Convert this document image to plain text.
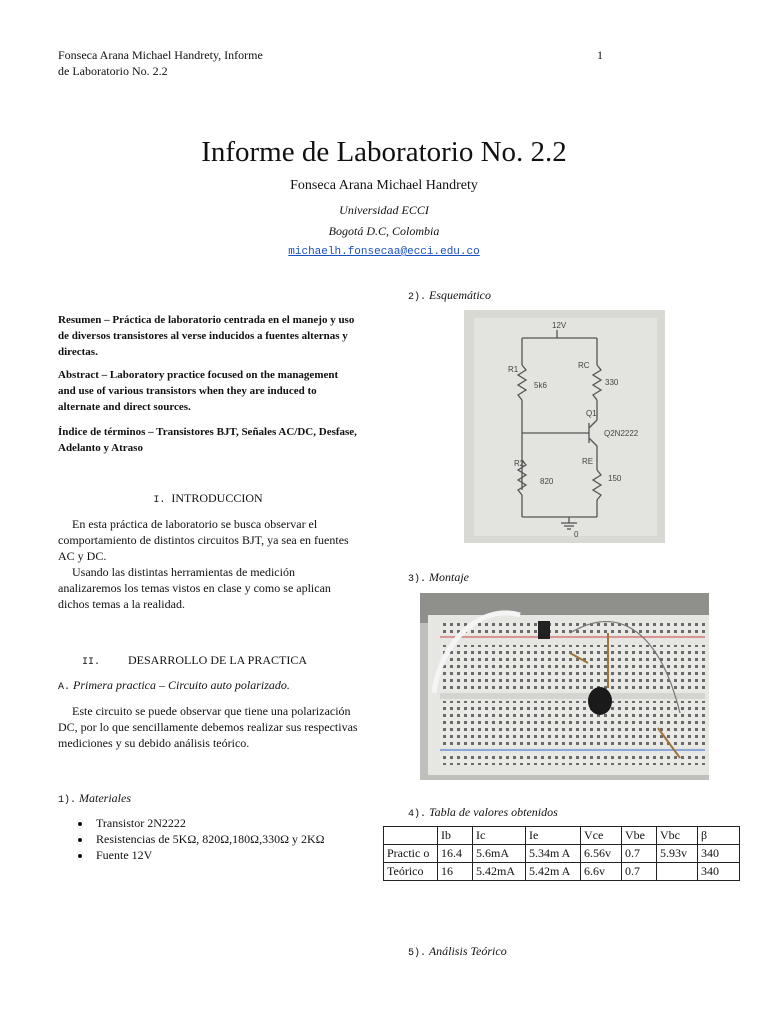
Fonseca Arana Michael Handrety, Informe
de Laboratorio No. 2.2
1
Informe de Laboratorio No. 2.2
Fonseca Arana Michael Handrety
Universidad ECCI
Bogotá D.C, Colombia
michaelh.fonsecaa@ecci.edu.co
Resumen – Práctica de laboratorio centrada en el manejo y uso de diversos transistores al verse inducidos a fuentes alternas y directas.
Abstract – Laboratory practice focused on the management and use of various transistors when they are induced to alternate and direct sources.
Índice de términos – Transistores BJT, Señales AC/DC, Desfase, Adelanto y Atraso
I. INTRODUCCION
En esta práctica de laboratorio se busca observar el comportamiento de distintos circuitos BJT, ya sea en fuentes AC y DC.
Usando las distintas herramientas de medición analizaremos los temas vistos en clase y como se aplican dichos temas a la realidad.
II. DESARROLLO DE LA PRACTICA
A. Primera practica – Circuito auto polarizado.
Este circuito se puede observar que tiene una polarización DC, por lo que sencillamente debemos realizar sus respectivas mediciones y su debido análisis teórico.
1). Materiales
• Transistor 2N2222
• Resistencias de 5KΩ, 820Ω,180Ω,330Ω y 2KΩ
• Fuente 12V
2). Esquemático
12V
R1
5k6
RC
330
Q1
Q2N2222
R2
820
RE
150
0
3). Montaje
4). Tabla de valores obtenidos
	Ib	Ic	Ie	Vce	Vbe	Vbc	β
Practic o	16.4	5.6mA	5.34m A	6.56v	0.7	5.93v	340
Teórico	16	5.42mA	5.42m A	6.6v	0.7		340
5). Análisis Teórico
